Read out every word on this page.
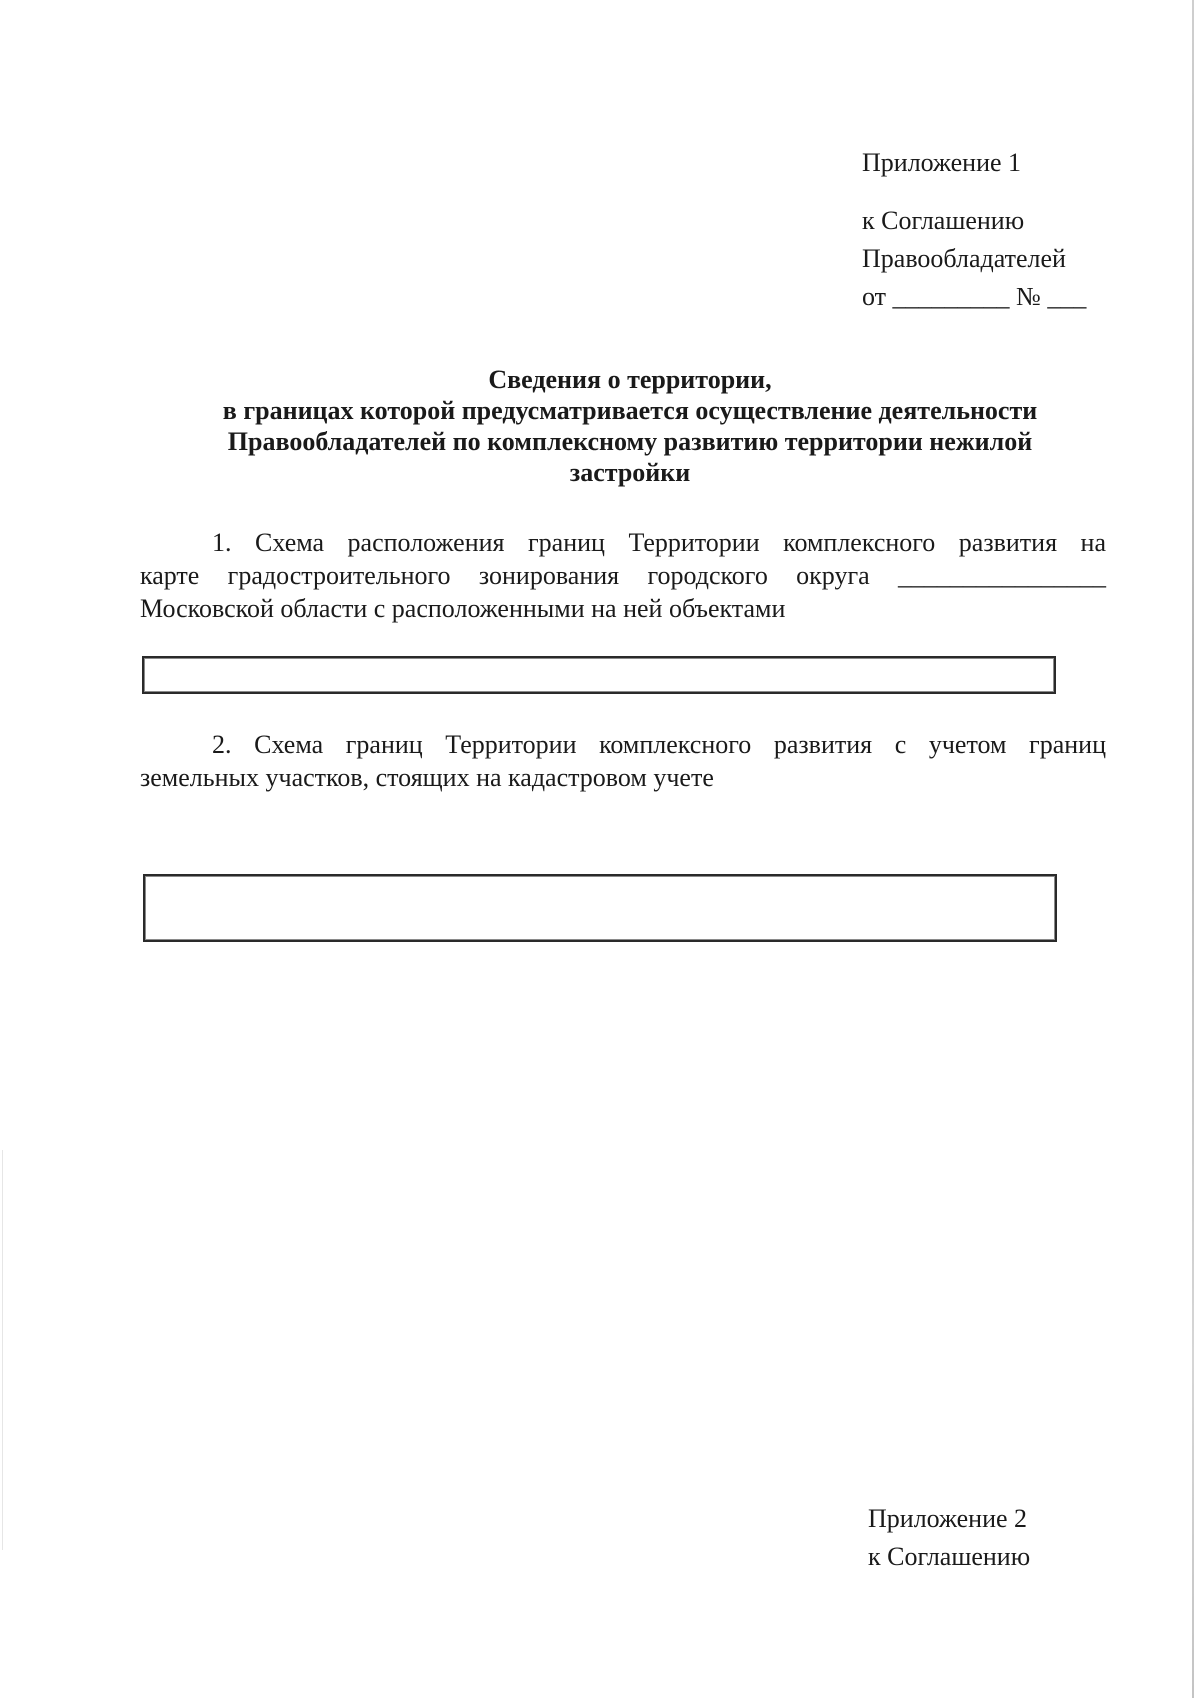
Приложение 1
к Соглашению
Правообладателей
от _________ № ___
Сведения о территории,
в границах которой предусматривается осуществление деятельности
Правообладателей по комплексному развитию территории нежилой
застройки
1. Схема расположения границ Территории комплексного развития на
карте градостроительного зонирования городского округа ________________
Московской области с расположенными на ней объектами
2. Схема границ Территории комплексного развития с учетом границ
земельных участков, стоящих на кадастровом учете
Приложение 2
к Соглашению
